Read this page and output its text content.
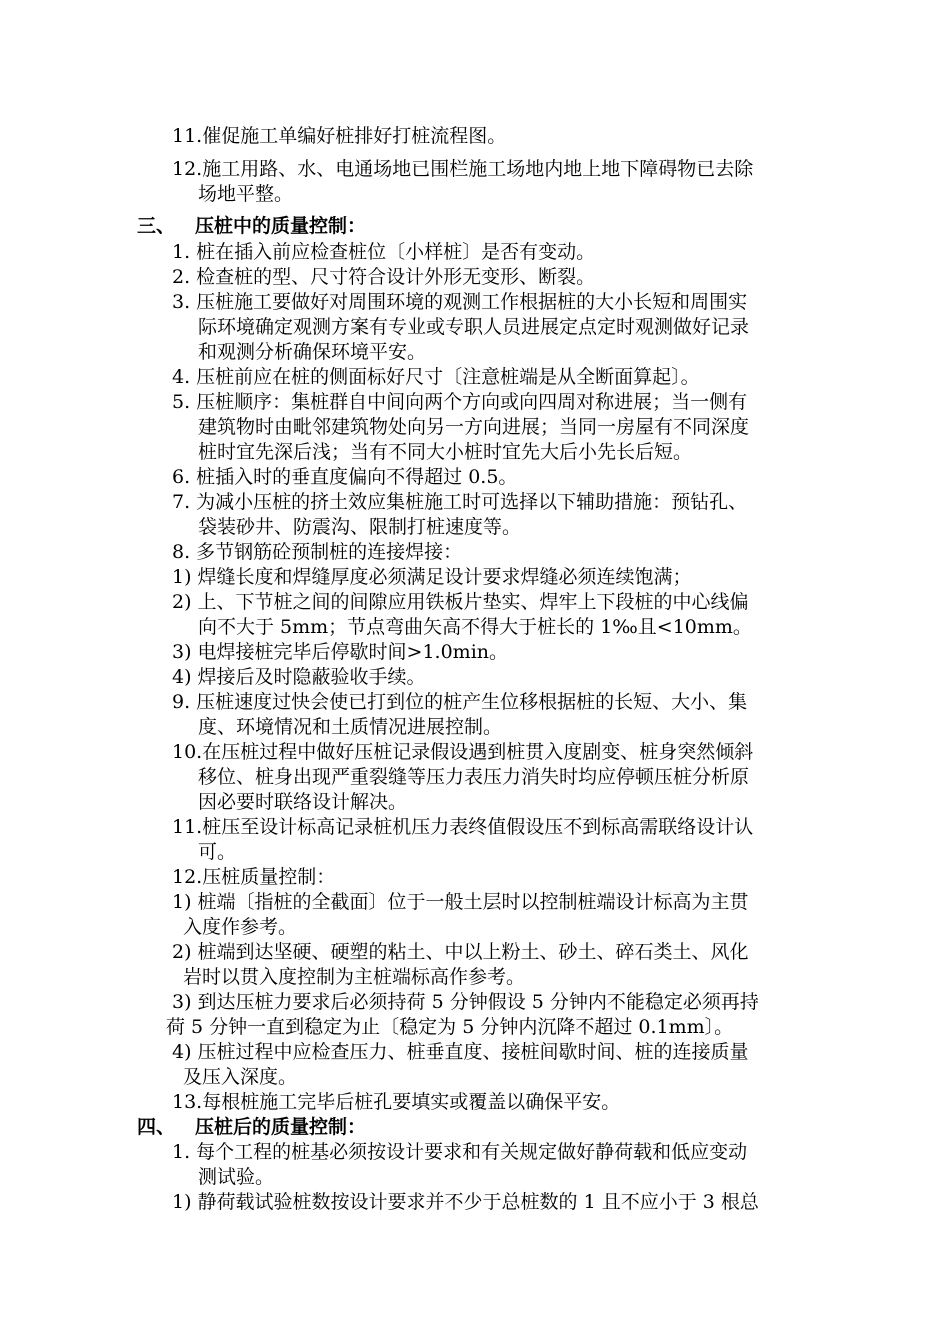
11.催促施工单编好桩排好打桩流程图。
12.施工用路、水、电通场地已围栏施工场地内地上地下障碍物已去除
场地平整。
三、 压桩中的质量控制：
1. 桩在插入前应检查桩位〔小样桩〕是否有变动。
2. 检查桩的型、尺寸符合设计外形无变形、断裂。
3. 压桩施工要做好对周围环境的观测工作根据桩的大小长短和周围实
际环境确定观测方案有专业或专职人员进展定点定时观测做好记录
和观测分析确保环境平安。
4. 压桩前应在桩的侧面标好尺寸〔注意桩端是从全断面算起〕。
5. 压桩顺序：集桩群自中间向两个方向或向四周对称进展；当一侧有
建筑物时由毗邻建筑物处向另一方向进展；当同一房屋有不同深度
桩时宜先深后浅；当有不同大小桩时宜先大后小先长后短。
6. 桩插入时的垂直度偏向不得超过 0.5。
7. 为减小压桩的挤土效应集桩施工时可选择以下辅助措施：预钻孔、
袋装砂井、防震沟、限制打桩速度等。
8. 多节钢筋砼预制桩的连接焊接：
1) 焊缝长度和焊缝厚度必须满足设计要求焊缝必须连续饱满；
2) 上、下节桩之间的间隙应用铁板片垫实、焊牢上下段桩的中心线偏
向不大于 5mm；节点弯曲矢高不得大于桩长的 1‰且<10mm。
3) 电焊接桩完毕后停歇时间>1.0min。
4) 焊接后及时隐蔽验收手续。
9. 压桩速度过快会使已打到位的桩产生位移根据桩的长短、大小、集
度、环境情况和土质情况进展控制。
10.在压桩过程中做好压桩记录假设遇到桩贯入度剧变、桩身突然倾斜
移位、桩身出现严重裂缝等压力表压力消失时均应停顿压桩分析原
因必要时联络设计解决。
11.桩压至设计标高记录桩机压力表终值假设压不到标高需联络设计认
可。
12.压桩质量控制：
1) 桩端〔指桩的全截面〕位于一般土层时以控制桩端设计标高为主贯
入度作参考。
2) 桩端到达坚硬、硬塑的粘土、中以上粉土、砂土、碎石类土、风化
岩时以贯入度控制为主桩端标高作参考。
3) 到达压桩力要求后必须持荷 5 分钟假设 5 分钟内不能稳定必须再持
荷 5 分钟一直到稳定为止〔稳定为 5 分钟内沉降不超过 0.1mm〕。
4) 压桩过程中应检查压力、桩垂直度、接桩间歇时间、桩的连接质量
及压入深度。
13.每根桩施工完毕后桩孔要填实或覆盖以确保平安。
四、 压桩后的质量控制：
1. 每个工程的桩基必须按设计要求和有关规定做好静荷载和低应变动
测试验。
1) 静荷载试验桩数按设计要求并不少于总桩数的 1 且不应小于 3 根总
